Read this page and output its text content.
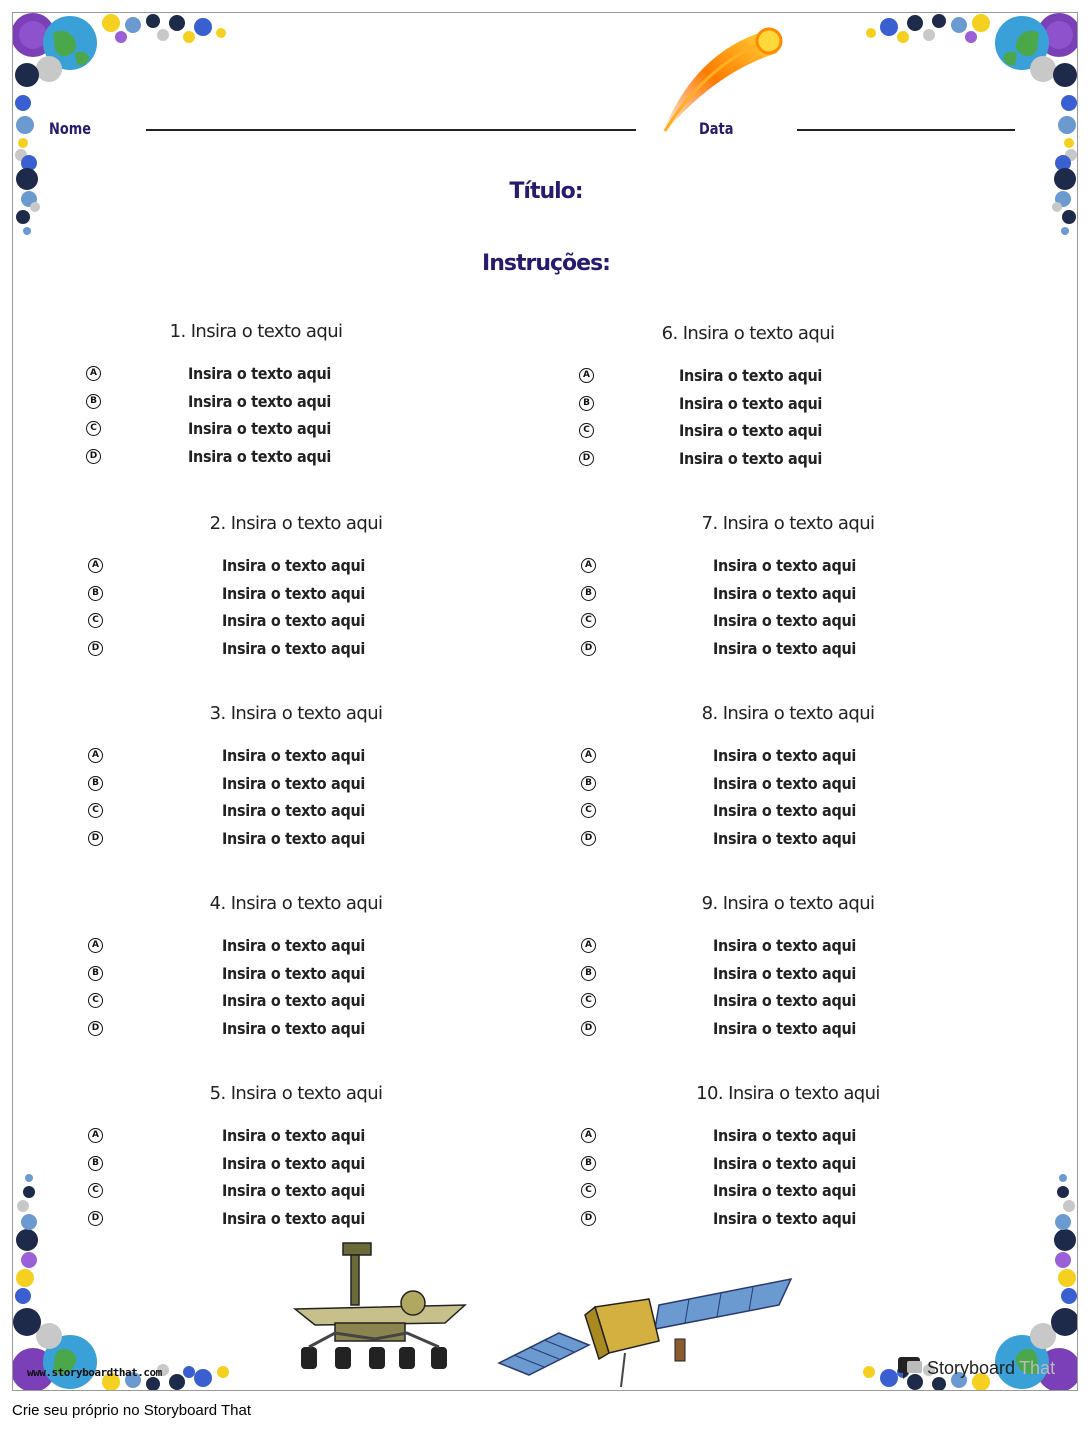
Nome	Data
Título:
Instruções:
1. Insira o texto aqui
A	Insira o texto aqui
B	Insira o texto aqui
C	Insira o texto aqui
D	Insira o texto aqui
2. Insira o texto aqui
A	Insira o texto aqui
B	Insira o texto aqui
C	Insira o texto aqui
D	Insira o texto aqui
3. Insira o texto aqui
A	Insira o texto aqui
B	Insira o texto aqui
C	Insira o texto aqui
D	Insira o texto aqui
4. Insira o texto aqui
A	Insira o texto aqui
B	Insira o texto aqui
C	Insira o texto aqui
D	Insira o texto aqui
5. Insira o texto aqui
A	Insira o texto aqui
B	Insira o texto aqui
C	Insira o texto aqui
D	Insira o texto aqui
6. Insira o texto aqui
A	Insira o texto aqui
B	Insira o texto aqui
C	Insira o texto aqui
D	Insira o texto aqui
7. Insira o texto aqui
A	Insira o texto aqui
B	Insira o texto aqui
C	Insira o texto aqui
D	Insira o texto aqui
8. Insira o texto aqui
A	Insira o texto aqui
B	Insira o texto aqui
C	Insira o texto aqui
D	Insira o texto aqui
9. Insira o texto aqui
A	Insira o texto aqui
B	Insira o texto aqui
C	Insira o texto aqui
D	Insira o texto aqui
10. Insira o texto aqui
A	Insira o texto aqui
B	Insira o texto aqui
C	Insira o texto aqui
D	Insira o texto aqui
www.storyboardthat.com	Storyboard That
Crie seu próprio no Storyboard That
